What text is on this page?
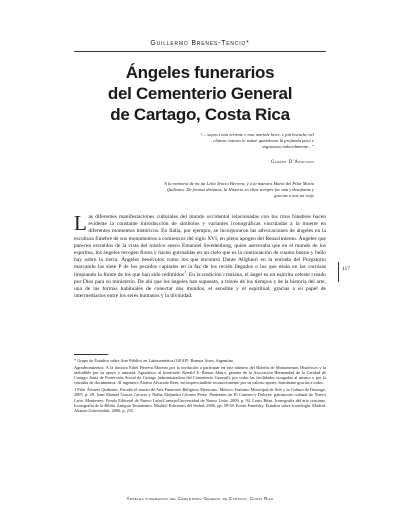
Guillermo Brenes-Tencio*
Ángeles funerarios
del Cementerio General
de Cartago, Costa Rica
“... sopra i non terreste e non mortale boce, e pià branche nel chiarur intento le statue guardavan la profunda pace e sograsano indecidimente...”
Gabriel D’Annunzio
A la memoria de mi tía Lelia Tencio Herrera, y a la maestra María del Pilar Maria Quiñones. De formas distintas, la Historia en ellas siempre fue una y desafiante y gracias a mis un viaje

Las diferentes manifestaciones culturales del mundo occidental relacionadas con los ritos fúnebres hacen evidente la constante introducción de símbolos y variantes iconográficas vinculadas a la muerte en diferentes momentos históricos. En Italia, por ejemplo, se incorporaron las advocaciones de ángeles en la escultura fúnebre de sus monumentos a comienzos del siglo XVI, en pleno apogeo del Renacimiento. Ángeles que parecen extraídos de la vista del místico sueco Emanuel Swedenborg, quien aseveraba que en el mundo de los espíritus, los ángeles recogen flores y hacen guirnaldas en un cielo que es la continuación de cuanto bueno y bello hay sobre la tierra. Ángeles benévolos como los que encontró Dante Alighieri en la entrada del Purgatorio marcando las siete P de los pecados capitales en la faz de los recién llegados o los que están en las cornisas limpiando la frente de los que han sido redimidos$^1$. En la tradición cristiana, el ángel es un espíritu celeste creado por Dios para su ministerio. De ahí que los ángeles han supuesto, a través de los tiempos y de la historia del arte, una de las formas habituales de conectar dos mundos, el sensible y el espiritual, gracias a su papel de intermediarios entre los seres humanos y la divinidad.

117

* Grupo de Estudios sobre Arte Público en Latinoamérica (GEAP). Buenos Aires, Argentina.

Agradecimientos: A la doctora Ethel Herrera Moreno por la invitación a participar en este número del Boletín de Monumentos Históricos y la ineludible por su apoyo y amistad. Agradezco al licenciado Ronald E. Ramos Mairo, gerente de la Asociación Hermandad de la Caridad de Cartago Junta de Protección Social de Cartago (administradora del Cementerio General), por todas las facilidades otorgadas al mismo y por la consulta de documentos. Al ingeniero Alonso Alvarado Rees, mi imprescindible reconocimiento por su valioso aporte, brindarme gracias a todos.

1 Pilar Álvarez Quiñones. Estudio el museo de Arte Funerario Religioso Mexicano. México: Instituto Municipal de Arte y la Cultura de Durango, 2005, p. 29. Juan Manuel García Cáceres y Nelba Alejandra Cáceres Pérez. Panteones de El Carmen y Dolores: patrimonio cultural de Nuevo León. Monterrey: Fondo Editorial de Nuevo León/Consejo/Universidad de Nuevo León, 2009, p. 94. Louis Réau. Iconografía del arte cristiano, Iconografía de la Biblia. Antiguo Testamento. Madrid: Ediciones del Serbal, 2000, pp. 58-59. Erwin Panofsky. Estudios sobre iconología. Madrid: Alianza Universidad, 2006, p. 255.

Ángeles funerarios del Cementerio General de Cartago, Costa Rica
